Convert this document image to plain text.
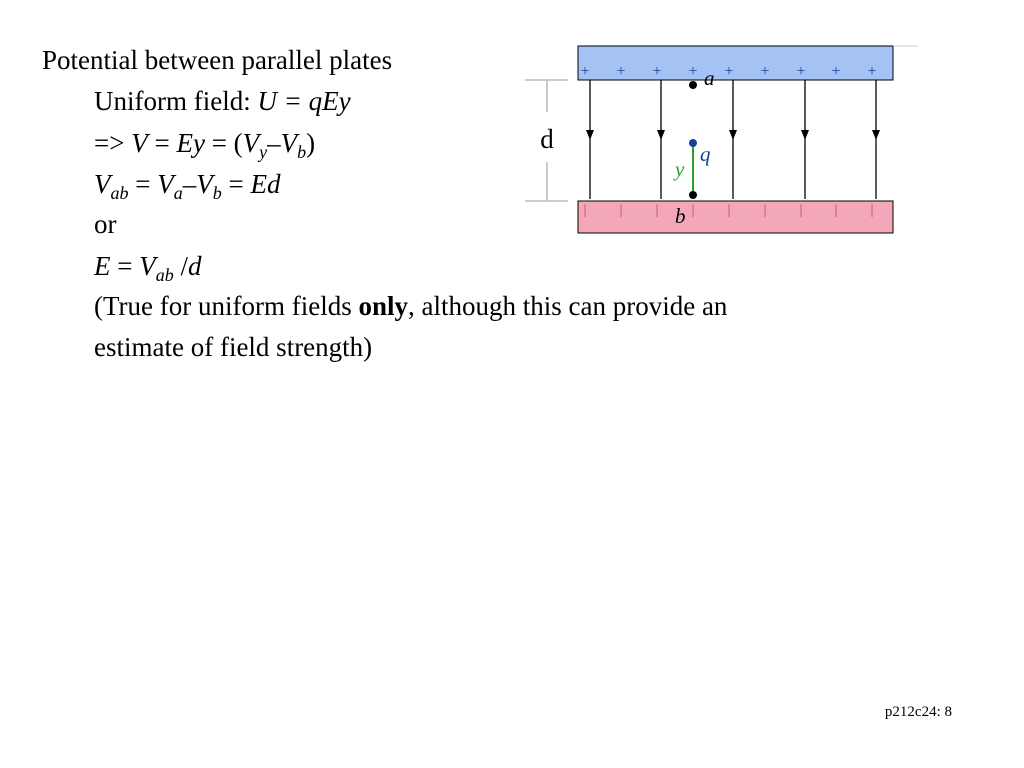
Potential between parallel plates
Uniform field: U = qEy
=> $V = Ey = (V_y-V_b)$
$V_{ab} = V_a-V_b = Ed$
or
$E = V_{ab}$ /d
(True for uniform fields only, although this can provide an
estimate of field strength)
d
+ + + + + + + + +
| | | | | | | | |
a
q
y
b
p212c24: 8
